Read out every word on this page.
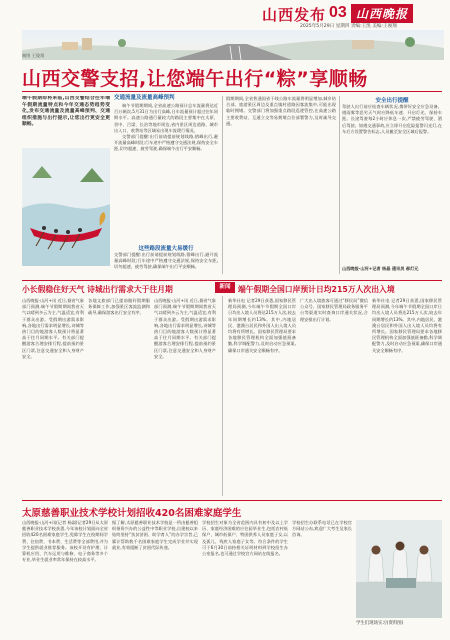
山西发布 03 山西晚报
2025年5月29日 星期四 责编:王凯 美编:王俊翔
制图 王俊翔
山西交警支招,让您端午出行“粽”享顺畅
端午假期即将来临,山西交警结合往年端午假期流量特点和今年交通态势趋势变化,发布交通流量及流量高峰预判、交通组织措施与出行提示,让您出行更安全更顺畅。
交通流量及流量高峰预判

端午节假期期间,全省高速公路预计总车流量将达近百万辆次,5月31日为出行高峰,日车流量预计超过往年同期水平。高速公路通行量较大的路段主要集中在太原、晋中、吕梁、长治等地市周边,省内景区周边道路、城市出入口、收费站等区域易出现车流缓行情况。

交警部门提醒:出行前请提前规划线路,错峰出行,避开流量高峰时段;行车途中严格遵守交通法规,保持安全车距,切勿超速、疲劳驾驶,确保端午出行平安顺畅。

这些路段流量大易缓行
交警部门提醒:出行前请提前规划线路,错峰出行,避开流量高峰时段;行车途中严格遵守交通法规,保持安全车距,切勿超速、疲劳驾驶,确保端午出行平安顺畅。
假期期间,全省普通国省干线公路车流量将明显增加,城乡结合部、旅游景区周边及重点镇村道路因客流集中,可能出现临时拥堵。交警部门将加强重点路段巡逻管控,在高速公路主要收费站、互通立交等易拥堵点位部署警力,及时疏导交通。
安全出行提醒
驾驶人出行前应检查车辆状况,携带好安全应急设备。遇雨雾等恶劣天气时应降低车速、开启灯光、保持车距。长途驾驶每2小时应休息一次,严禁疲劳驾驶、酒后驾驶。如遇交通事故,应立即开启危险报警闪光灯,在车后方设置警告标志,人员撤至安全区域后报警。
山西晚报·山河+记者 杨晶 通讯员 郝灯元
小长假稳住好天气 诗城出行需求大于往月期	新闻
山西晚报·山河+讯 近日,据省气象部门预测,端午节假期期间我省天气以晴到多云为主,气温适宜,有利于群众出游。受假期出游需求影响,各地出行需求明显增长,诗城等热门目的地游客人数预计将显著高于往月同期水平。有关部门提醒游客合理安排行程,提前预约景区门票,注意交通安全和人身财产安全。
各地文旅部门已提前做好假期服务保障工作,加强景区客流监测和疏导,确保游客出行安全有序。
山西晚报·山河+讯 近日,据省气象部门预测,端午节假期期间我省天气以晴到多云为主,气温适宜,有利于群众出游。受假期出游需求影响,各地出行需求明显增长,诗城等热门目的地游客人数预计将显著高于往月同期水平。有关部门提醒游客合理安排行程,提前预约景区门票,注意交通安全和人身财产安全。
端午假期全国口岸预计日均215万人次出入境
新华社电 记者29日获悉,国家移民管理局预测,今年端午节假期全国口岸日均出入境人员将达215万人次,较去年同期增长约13%。其中,内地居民、港澳台居民和外国人出入境人员均将有所增长。国家移民管理局要求各地移民管理机构全面加强值班备勤,科学调配警力,及时启动应急预案,确保口岸通关安全顺畅有序。
广大出入境旅客可通过“移民局”微信公众号、国家移民管理局政务服务平台等渠道实时查询口岸通关状况,合理安排出行计划。
新华社电 记者29日获悉,国家移民管理局预测,今年端午节假期全国口岸日均出入境人员将达215万人次,较去年同期增长约13%。其中,内地居民、港澳台居民和外国人出入境人员均将有所增长。国家移民管理局要求各地移民管理机构全面加强值班备勤,科学调配警力,及时启动应急预案,确保口岸通关安全顺畅有序。
太原慈善职业技术学校计划招收420名困难家庭学生
山西晚报·山河+讯(记者 杨淑)记者29日从太原慈善职业技术学校获悉,今年该校计划面向全省招收420名困难家庭学生,免除学生在校期间学费、住宿费、书本费、生活费等全部费用,并为学生提供就业推荐服务。该校开设有护理、计算机应用、汽车运用与维修、电子商务等多个专业,毕业生就业率常年保持在较高水平。
据了解,太原慈善职业技术学校是一所由慈善组织捐资兴办的公益性中等职业学校,自建校以来始终坚持“扶贫济困、助学育人”的办学宗旨,已累计帮助数千名困难家庭学生完成学业并实现就业,有效阻断了贫困代际传递。
学校招生对象为全省范围内具有初中及以上学历、家庭经济困难的应往届毕业生,包括农村低保户、城市低保户、特困供养人员家庭子女,以及孤儿、残疾人家庭子女等。符合条件的学生可于6月30日前持相关证明材料到学校招生办公室报名,也可通过学校官方网站在线报名。
学校招生办联系电话已在学校官方网站公布,欢迎广大考生及家长咨询。
学生们现场实习(资料图)
